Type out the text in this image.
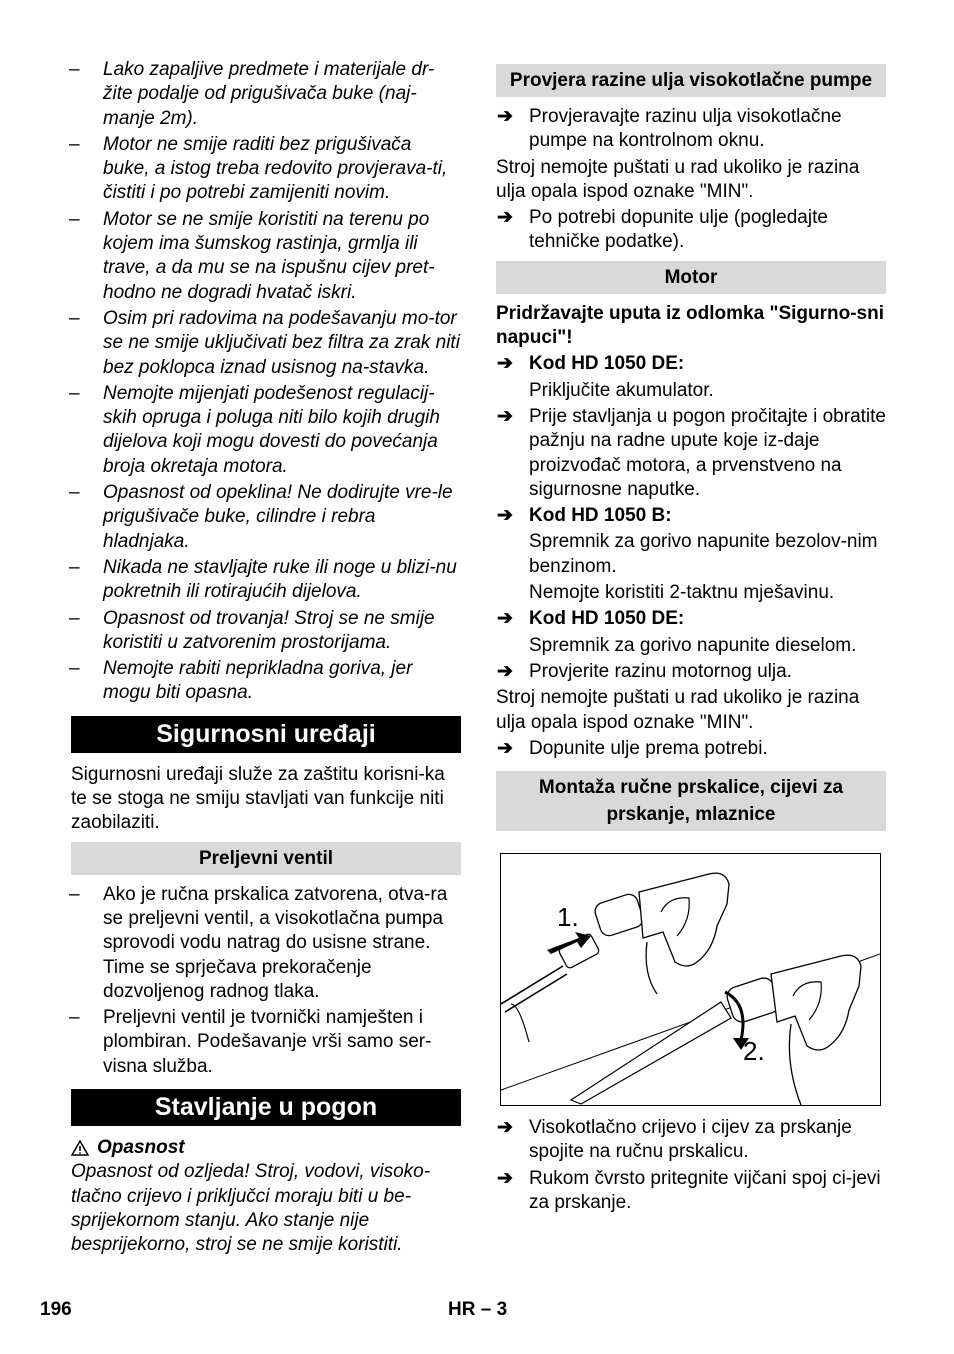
– Lako zapaljive predmete i materijale dr-žite podalje od prigušivača buke (naj-manje 2m).
– Motor ne smije raditi bez prigušivača buke, a istog treba redovito provjerava-ti, čistiti i po potrebi zamijeniti novim.
– Motor se ne smije koristiti na terenu po kojem ima šumskog rastinja, grmlja ili trave, a da mu se na ispušnu cijev pret-hodno ne dogradi hvatač iskri.
– Osim pri radovima na podešavanju mo-tor se ne smije uključivati bez filtra za zrak niti bez poklopca iznad usisnog na-stavka.
– Nemojte mijenjati podešenost regulacij-skih opruga i poluga niti bilo kojih drugih dijelova koji mogu dovesti do povećanja broja okretaja motora.
– Opasnost od opeklina! Ne dodirujte vre-le prigušivače buke, cilindre i rebra hladnjaka.
– Nikada ne stavljajte ruke ili noge u blizi-nu pokretnih ili rotirajućih dijelova.
– Opasnost od trovanja! Stroj se ne smije koristiti u zatvorenim prostorijama.
– Nemojte rabiti neprikladna goriva, jer mogu biti opasna.
Sigurnosni uređaji
Sigurnosni uređaji služe za zaštitu korisni-ka te se stoga ne smiju stavljati van funkcije niti zaobilaziti.
Preljevni ventil
– Ako je ručna prskalica zatvorena, otva-ra se preljevni ventil, a visokotlačna pumpa sprovodi vodu natrag do usisne strane. Time se sprječava prekoračenje dozvoljenog radnog tlaka.
– Preljevni ventil je tvornički namješten i plombiran. Podešavanje vrši samo ser-visna služba.
Stavljanje u pogon
Opasnost
Opasnost od ozljeda! Stroj, vodovi, visoko-tlačno crijevo i priključci moraju biti u be-sprijekornom stanju. Ako stanje nije besprijekorno, stroj se ne smije koristiti.
Provjera razine ulja visokotlačne pumpe
➔ Provjeravajte razinu ulja visokotlačne pumpe na kontrolnom oknu.
Stroj nemojte puštati u rad ukoliko je razina ulja opala ispod oznake "MIN".
➔ Po potrebi dopunite ulje (pogledajte tehničke podatke).
Motor
Pridržavajte uputa iz odlomka "Sigurno-sni napuci"!
➔ Kod HD 1050 DE:
Priključite akumulator.
➔ Prije stavljanja u pogon pročitajte i obratite pažnju na radne upute koje iz-daje proizvođač motora, a prvenstveno na sigurnosne naputke.
➔ Kod HD 1050 B:
Spremnik za gorivo napunite bezolov-nim benzinom.
Nemojte koristiti 2-taktnu mješavinu.
➔ Kod HD 1050 DE:
Spremnik za gorivo napunite dieselom.
➔ Provjerite razinu motornog ulja.
Stroj nemojte puštati u rad ukoliko je razina ulja opala ispod oznake "MIN".
➔ Dopunite ulje prema potrebi.
Montaža ručne prskalice, cijevi za prskanje, mlaznice
1.
2.
➔ Visokotlačno crijevo i cijev za prskanje spojite na ručnu prskalicu.
➔ Rukom čvrsto pritegnite vijčani spoj ci-jevi za prskanje.
196	HR – 3
